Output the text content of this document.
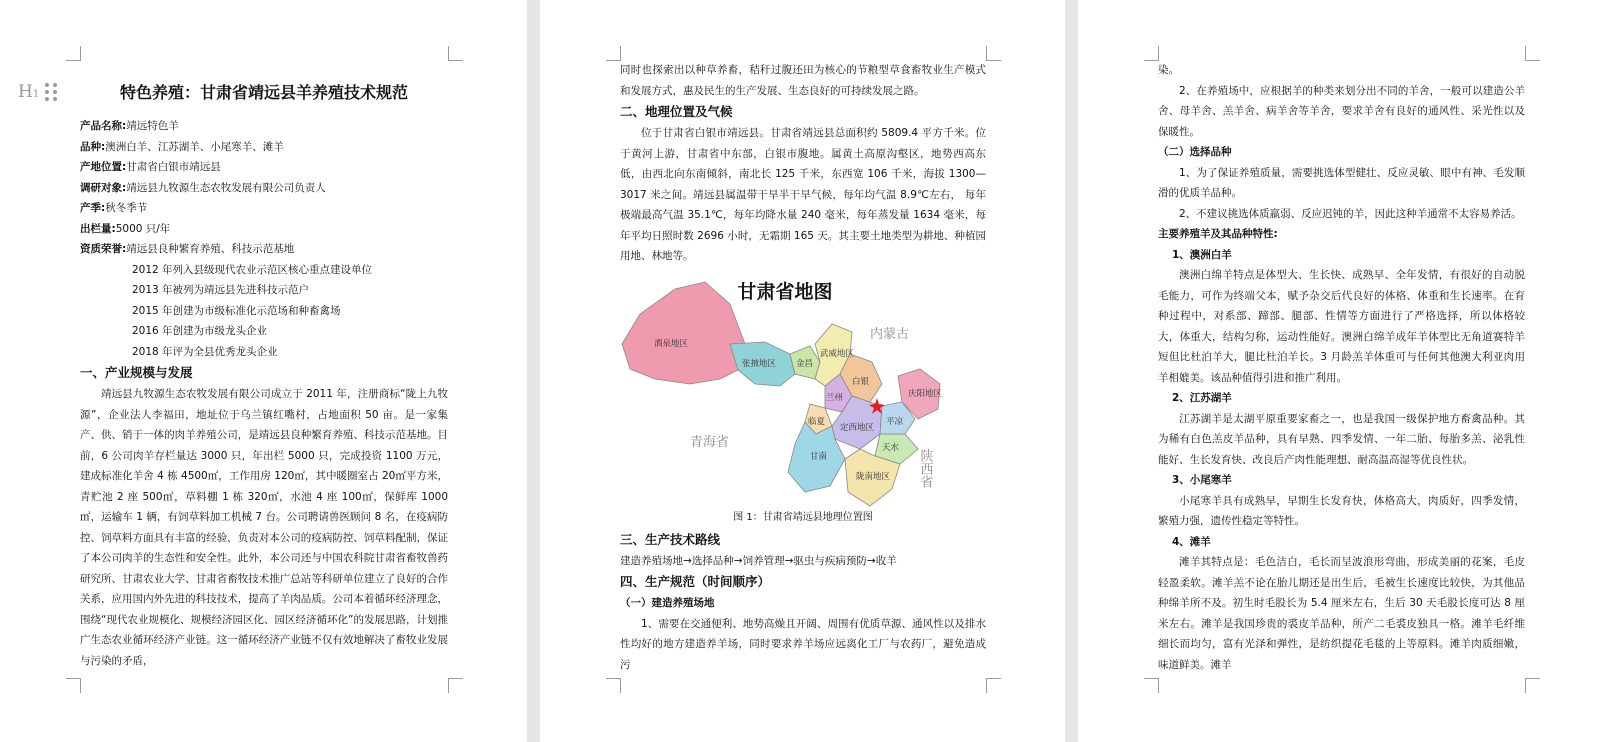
H1	特色养殖：甘肃省靖远县羊养殖技术规范

产品名称:靖远特色羊

品种:澳洲白羊、江苏湖羊、小尾寒羊、滩羊

产地位置:甘肃省白银市靖远县

调研对象:靖远县九牧源生态农牧发展有限公司负责人

产季:秋冬季节

出栏量:5000 只/年

资质荣誉:靖远县良种繁育养殖、科技示范基地

2012 年列入县级现代农业示范区核心重点建设单位

2013 年被列为靖远县先进科技示范户

2015 年创建为市级标准化示范场和种畜禽场

2016 年创建为市级龙头企业

2018 年评为全县优秀龙头企业

一、产业规模与发展

靖远县九牧源生态农牧发展有限公司成立于 2011 年，注册商标“陇上九牧源”，企业法人李福田，地址位于乌兰镇红嘴村，占地面积 50 亩。是一家集产、供、销于一体的肉羊养殖公司，是靖远县良种繁育养殖、科技示范基地。目前，6 公司肉羊存栏量达 3000 只，年出栏 5000 只，完成投资 1100 万元，建成标准化羊舍 4 栋 4500㎡，工作用房 120㎡，其中暖圈室占 20㎡平方米，青贮池 2 座 500㎡，草料棚 1 栋 320㎡，水池 4 座 100㎡，保鲜库 1000㎡，运输车 1 辆，有饲草料加工机械 7 台。公司聘请兽医顾问 8 名，在疫病防控、饲草料方面具有丰富的经验，负责对本公司的疫病防控、饲草料配制，保证了本公司肉羊的生态性和安全性。此外，本公司还与中国农科院甘肃省畜牧兽药研究所、甘肃农业大学、甘肃省畜牧技术推广总站等科研单位建立了良好的合作关系，应用国内外先进的科技技术，提高了羊肉品质。公司本着循环经济理念，围绕“现代农业规模化、规模经济园区化、园区经济循环化”的发展思路，计划推广生态农业循环经济产业链。这一循环经济产业链不仅有效地解决了畜牧业发展与污染的矛盾，

同时也探索出以种草养畜，秸秆过腹还田为核心的节粮型草食畜牧业生产模式和发展方式，惠及民生的生产发展、生态良好的可持续发展之路。

二、地理位置及气候

位于甘肃省白银市靖远县。甘肃省靖远县总面积约 5809.4 平方千米。位于黄河上游，甘肃省中东部，白银市腹地。属黄土高原沟壑区，地势西高东低，由西北向东南倾斜，南北长 125 千米，东西宽 106 千米，海拔 1300—3017 米之间。靖远县属温带干旱半干旱气候，每年均气温 8.9℃左右， 每年极端最高气温 35.1℃，每年均降水量 240 毫米，每年蒸发量 1634 毫米，每年平均日照时数 2696 小时，无霜期 165 天。其主要土地类型为耕地、种植园用地、林地等。

甘肃省地图
酒泉地区
张掖地区 金昌
武威地区
白银
兰州
临夏
定西地区
甘南
天水
陇南地区
平凉
庆阳地区
内蒙古
青海省
陕西省

图 1：甘肃省靖远县地理位置图

三、生产技术路线

建造养殖场地→选择品种→饲养管理→驱虫与疾病预防→收羊

四、生产规范（时间顺序）
（一）建造养殖场地

1、需要在交通便利、地势高燥且开阔、周围有优质草源、通风性以及排水性均好的地方建造养羊场，同时要求养羊场应远离化工厂与农药厂，避免造成污

染。

2、在养殖场中，应根据羊的种类来划分出不同的羊舍，一般可以建造公羊舍、母羊舍、羔羊舍、病羊舍等羊舍，要求羊舍有良好的通风性、采光性以及保暖性。

（二）选择品种

1、为了保证养殖质量，需要挑选体型健壮、反应灵敏、眼中有神、毛发顺滑的优质羊品种。

2、不建议挑选体质羸弱、反应迟钝的羊，因此这种羊通常不太容易养活。

主要养殖羊及其品种特性:
1、澳洲白羊

澳洲白绵羊特点是体型大、生长快、成熟早、全年发情，有很好的自动脱毛能力，可作为终端父本，赋予杂交后代良好的体格、体重和生长速率。在育种过程中，对系部、蹄部、腿部、性情等方面进行了严格选择，所以体格较大，体重大，结构匀称，运动性能好。澳洲白绵羊成年羊体型比无角道赛特羊短但比杜泊羊大，腿比杜泊羊长。3 月龄羔羊体重可与任何其他澳大利亚肉用羊相媲美。该品种值得引进和推广利用。

2、江苏湖羊

江苏湖羊是太湖平原重要家畜之一，也是我国一级保护地方畜禽品种。其为稀有白色羔皮羊品种，具有早熟、四季发情、一年二胎、每胎多羔、泌乳性能好、生长发育快、改良后产肉性能理想、耐高温高湿等优良性状。

3、小尾寒羊

小尾寒羊具有成熟早，早期生长发育快，体格高大，肉质好，四季发情，繁殖力强，遗传性稳定等特性。

4、滩羊

滩羊其特点是：毛色洁白，毛长而呈波浪形弯曲，形成美丽的花案，毛皮轻盈柔软。滩羊羔不论在胎儿期还是出生后，毛被生长速度比较快，为其他品种绵羊所不及。初生时毛股长为 5.4 厘米左右，生后 30 天毛股长度可达 8 厘米左右。滩羊是我国珍贵的裘皮羊品种，所产二毛裘皮独具一格。滩羊毛纤维细长而均匀，富有光泽和弹性，是纺织提花毛毯的上等原料。滩羊肉质细嫩，味道鲜美。滩羊
